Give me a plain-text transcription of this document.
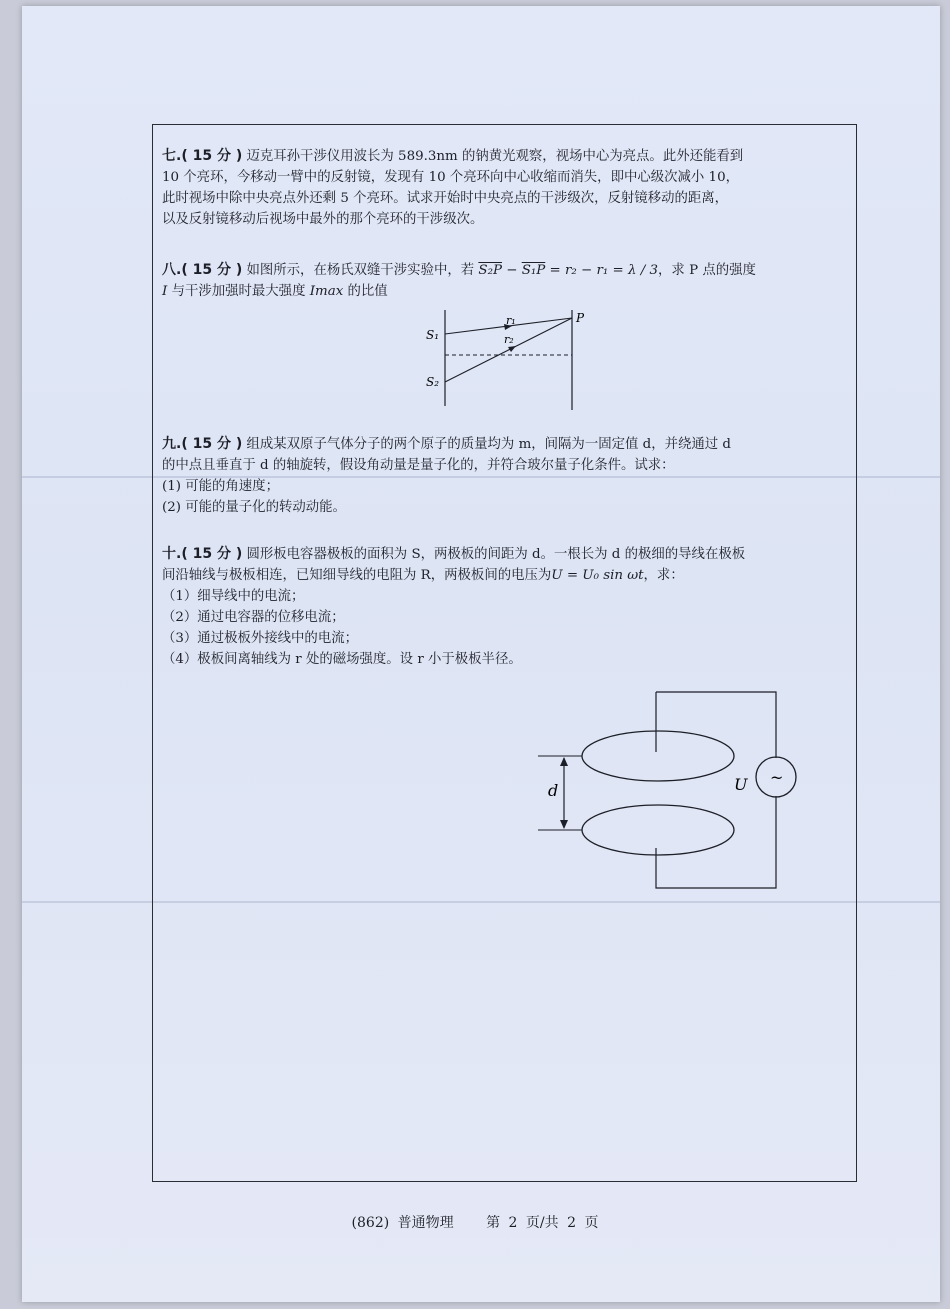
七.( 15 分 ) 迈克耳孙干涉仪用波长为 589.3nm 的钠黄光观察，视场中心为亮点。此外还能看到

10 个亮环，今移动一臂中的反射镜，发现有 10 个亮环向中心收缩而消失，即中心级次减小 10，

此时视场中除中央亮点外还剩 5 个亮环。试求开始时中央亮点的干涉级次，反射镜移动的距离，

以及反射镜移动后视场中最外的那个亮环的干涉级次。

八.( 15 分 ) 如图所示，在杨氏双缝干涉实验中，若 S₂P − S₁P = r₂ − r₁ = λ / 3，求 P 点的强度

I 与干涉加强时最大强度 Imax 的比值

S₁
S₂
P
r₁
r₂

九.( 15 分 ) 组成某双原子气体分子的两个原子的质量均为 m，间隔为一固定值 d，并绕通过 d

的中点且垂直于 d 的轴旋转，假设角动量是量子化的，并符合玻尔量子化条件。试求：

(1) 可能的角速度；

(2) 可能的量子化的转动动能。

十.( 15 分 ) 圆形板电容器极板的面积为 S，两极板的间距为 d。一根长为 d 的极细的导线在极板

间沿轴线与极板相连，已知细导线的电阻为 R，两极板间的电压为U = U₀ sin ωt，求：

（1）细导线中的电流；

（2）通过电容器的位移电流；

（3）通过极板外接线中的电流；

（4）极板间离轴线为 r 处的磁场强度。设 r 小于极板半径。

d
~
U
(862) 普通物理 第 2 页/共 2 页
